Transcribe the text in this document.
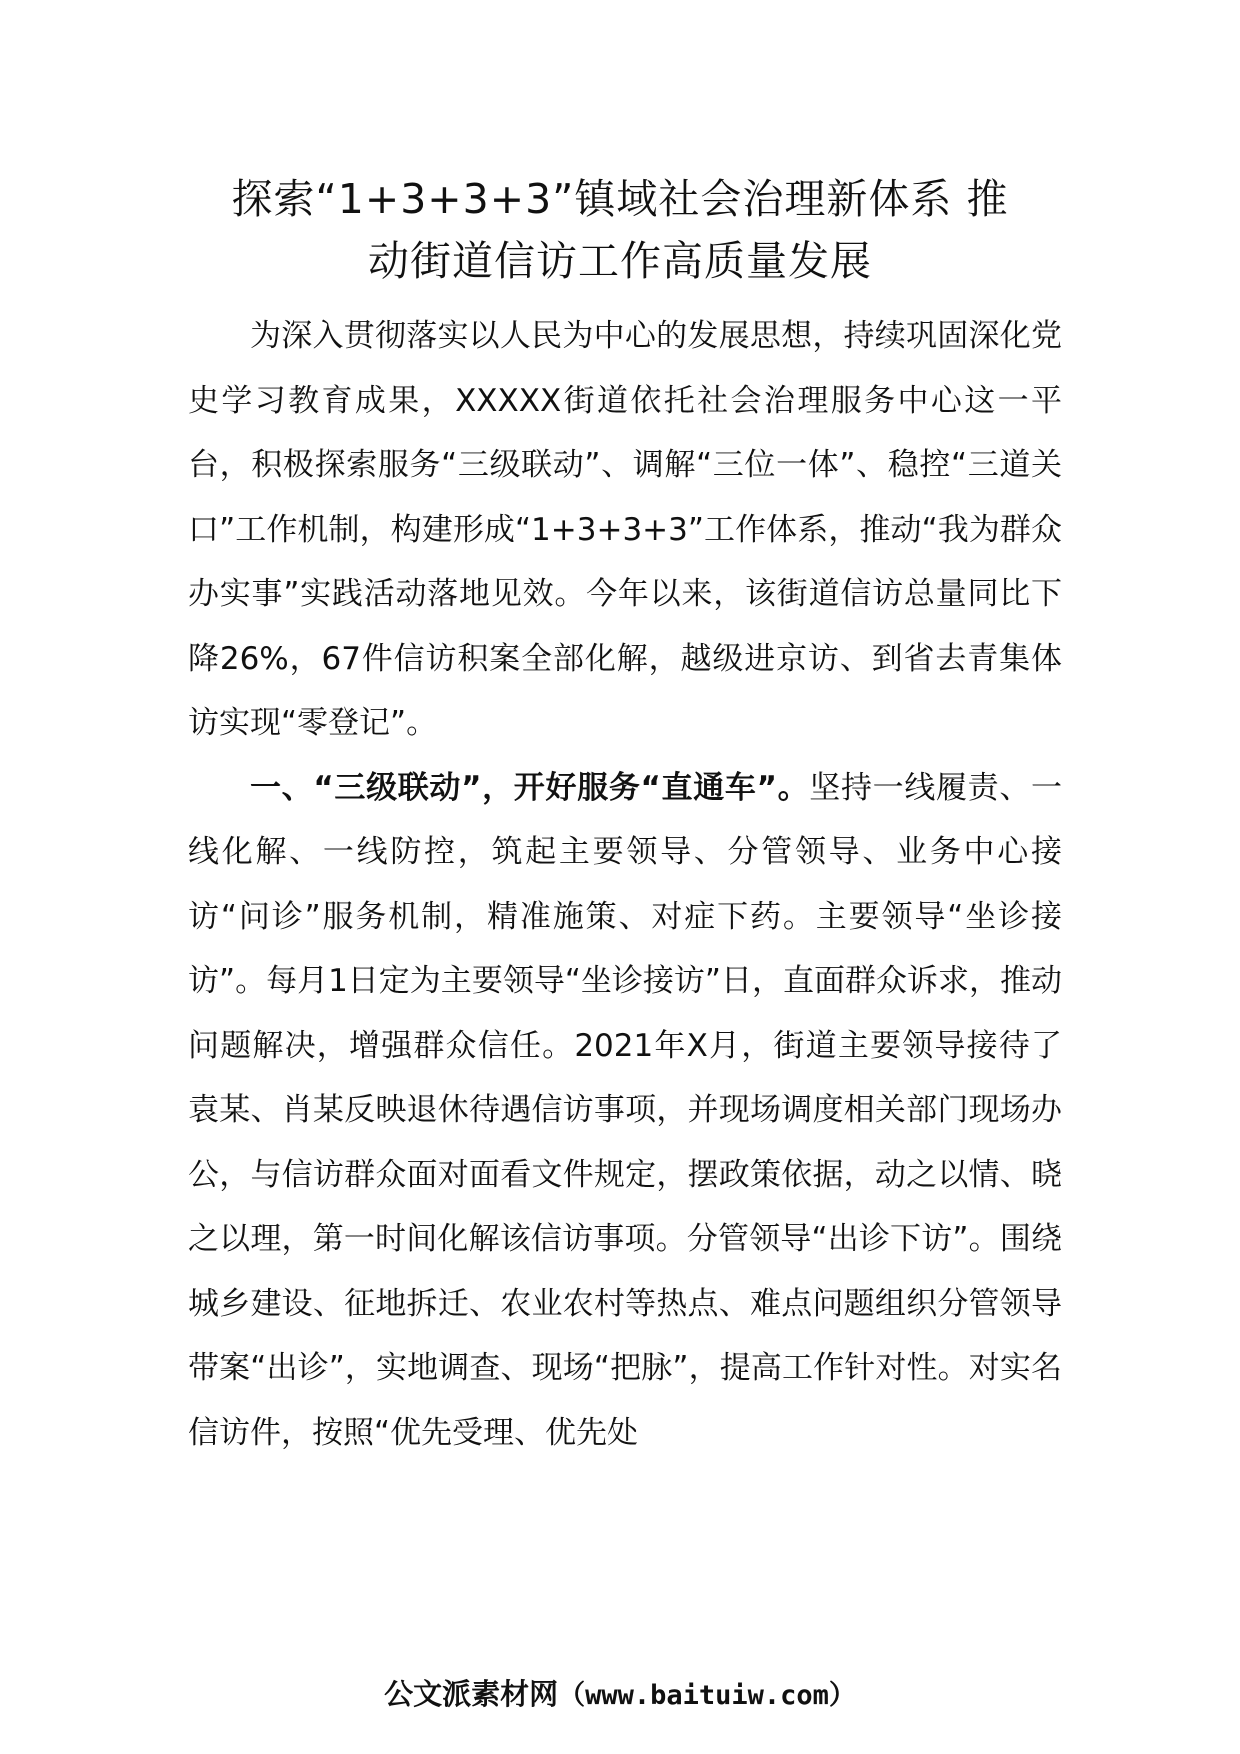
探索“1+3+3+3”镇域社会治理新体系 推
动街道信访工作高质量发展

为深入贯彻落实以人民为中心的发展思想，持续巩固深化党史学习教育成果，XXXXX街道依托社会治理服务中心这一平台，积极探索服务“三级联动”、调解“三位一体”、稳控“三道关口”工作机制，构建形成“1+3+3+3”工作体系，推动“我为群众办实事”实践活动落地见效。今年以来，该街道信访总量同比下降26%，67件信访积案全部化解，越级进京访、到省去青集体访实现“零登记”。

一、“三级联动”，开好服务“直通车”。坚持一线履责、一线化解、一线防控，筑起主要领导、分管领导、业务中心接访“问诊”服务机制，精准施策、对症下药。主要领导“坐诊接访”。每月1日定为主要领导“坐诊接访”日，直面群众诉求，推动问题解决，增强群众信任。2021年X月，街道主要领导接待了袁某、肖某反映退休待遇信访事项，并现场调度相关部门现场办公，与信访群众面对面看文件规定，摆政策依据，动之以情、晓之以理，第一时间化解该信访事项。分管领导“出诊下访”。围绕城乡建设、征地拆迁、农业农村等热点、难点问题组织分管领导带案“出诊”，实地调查、现场“把脉”，提高工作针对性。对实名信访件，按照“优先受理、优先处

公文派素材网（www.baituiw.com）
